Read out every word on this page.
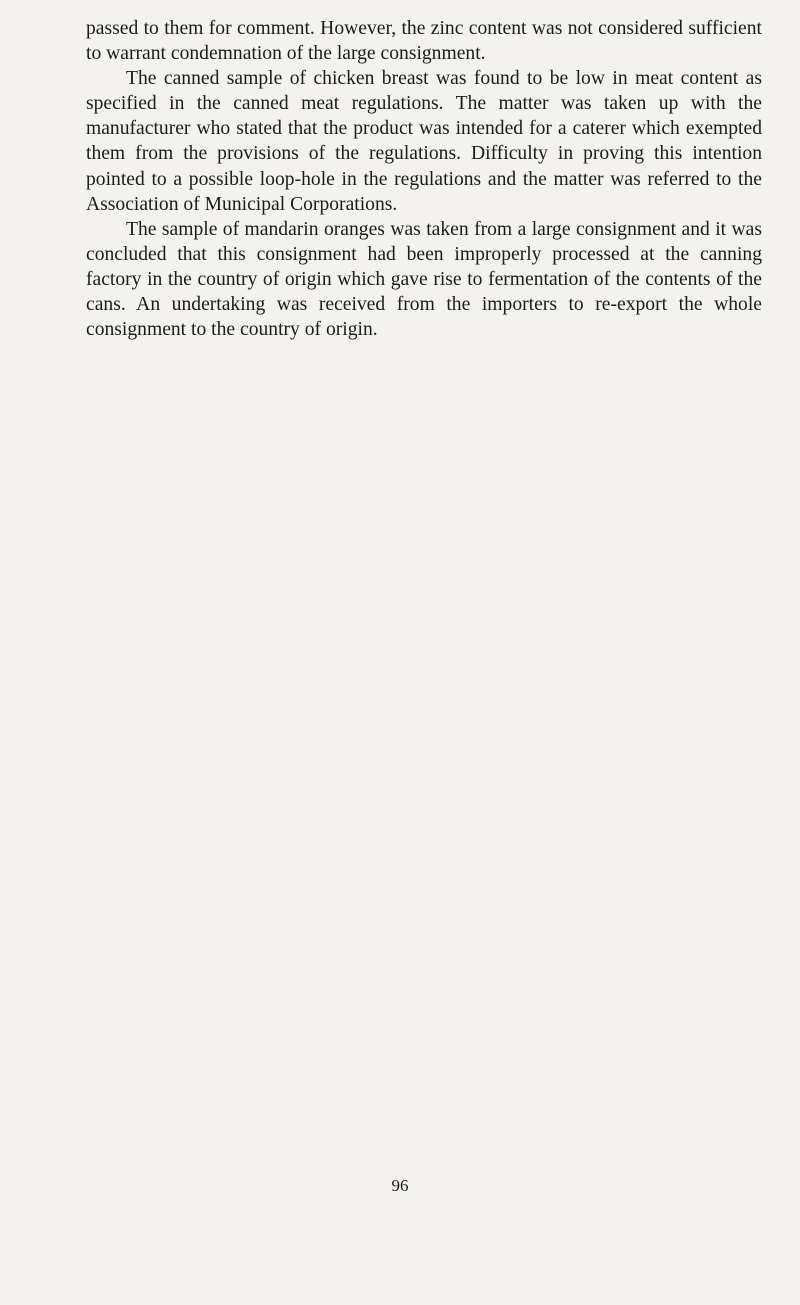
passed to them for comment. However, the zinc content was not considered sufficient to warrant condemnation of the large consignment.

The canned sample of chicken breast was found to be low in meat content as specified in the canned meat regulations. The matter was taken up with the manufacturer who stated that the product was intended for a caterer which exempted them from the provisions of the regulations. Difficulty in proving this intention pointed to a possible loop-hole in the regulations and the matter was referred to the Association of Municipal Corporations.

The sample of mandarin oranges was taken from a large consignment and it was concluded that this consignment had been improperly processed at the canning factory in the country of origin which gave rise to fermentation of the contents of the cans. An undertaking was received from the importers to re-export the whole consignment to the country of origin.

96
